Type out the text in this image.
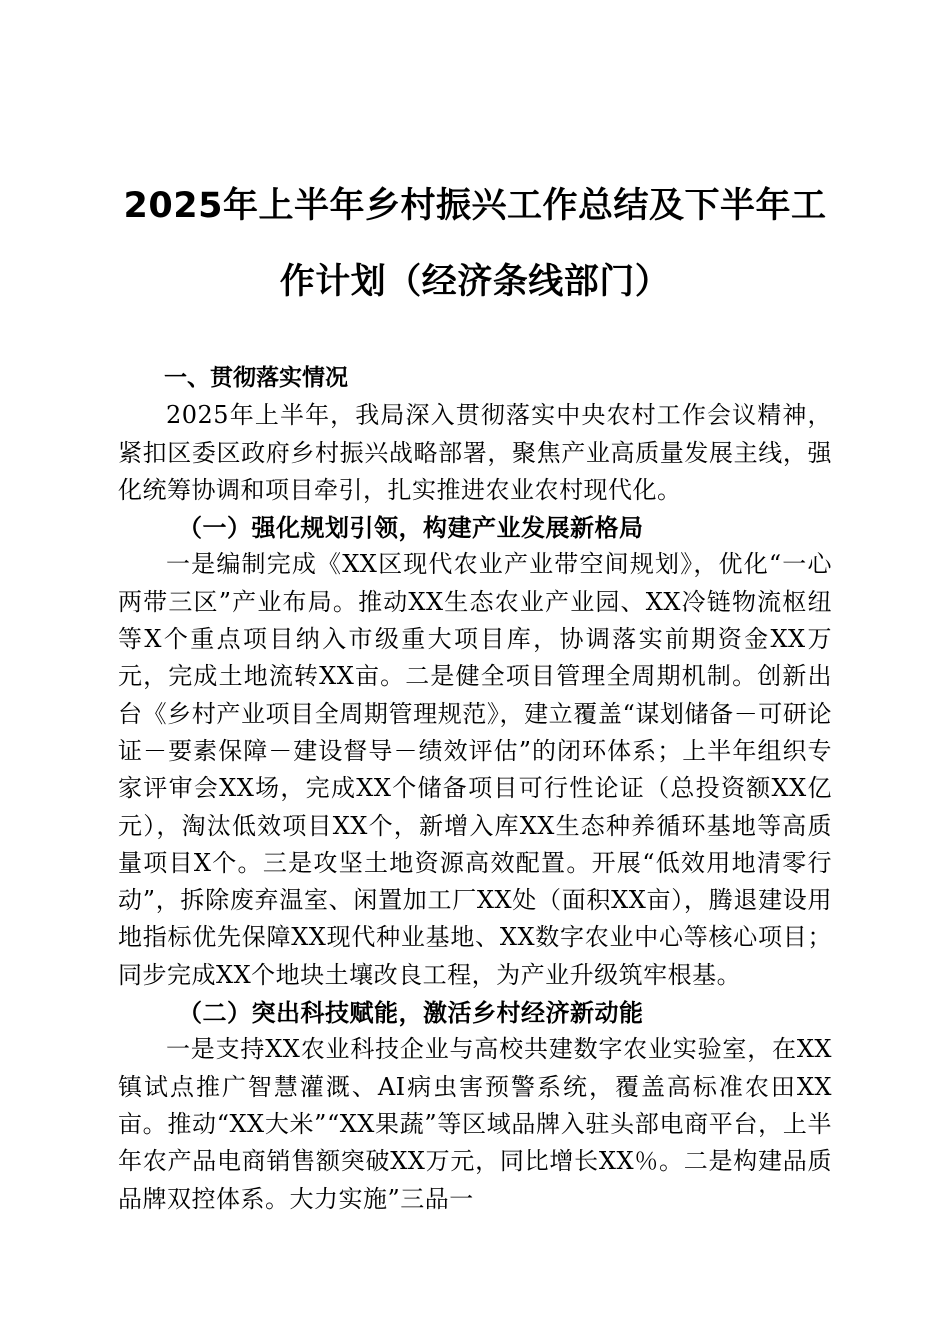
2025年上半年乡村振兴工作总结及下半年工
作计划（经济条线部门）

一、贯彻落实情况

2025年上半年，我局深入贯彻落实中央农村工作会议精神，紧扣区委区政府乡村振兴战略部署，聚焦产业高质量发展主线，强化统筹协调和项目牵引，扎实推进农业农村现代化。

（一）强化规划引领，构建产业发展新格局

一是编制完成《XX区现代农业产业带空间规划》，优化“一心两带三区”产业布局。推动XX生态农业产业园、XX冷链物流枢纽等X个重点项目纳入市级重大项目库，协调落实前期资金XX万元，完成土地流转XX亩。二是健全项目管理全周期机制。创新出台《乡村产业项目全周期管理规范》，建立覆盖“谋划储备－可研论证－要素保障－建设督导－绩效评估”的闭环体系；上半年组织专家评审会XX场，完成XX个储备项目可行性论证（总投资额XX亿元），淘汰低效项目XX个，新增入库XX生态种养循环基地等高质量项目X个。三是攻坚土地资源高效配置。开展“低效用地清零行动”，拆除废弃温室、闲置加工厂XX处（面积XX亩），腾退建设用地指标优先保障XX现代种业基地、XX数字农业中心等核心项目；同步完成XX个地块土壤改良工程，为产业升级筑牢根基。

（二）突出科技赋能，激活乡村经济新动能

一是支持XX农业科技企业与高校共建数字农业实验室，在XX镇试点推广智慧灌溉、AI病虫害预警系统，覆盖高标准农田XX亩。推动“XX大米”“XX果蔬”等区域品牌入驻头部电商平台，上半年农产品电商销售额突破XX万元，同比增长XX％。二是构建品质品牌双控体系。大力实施”三品一
